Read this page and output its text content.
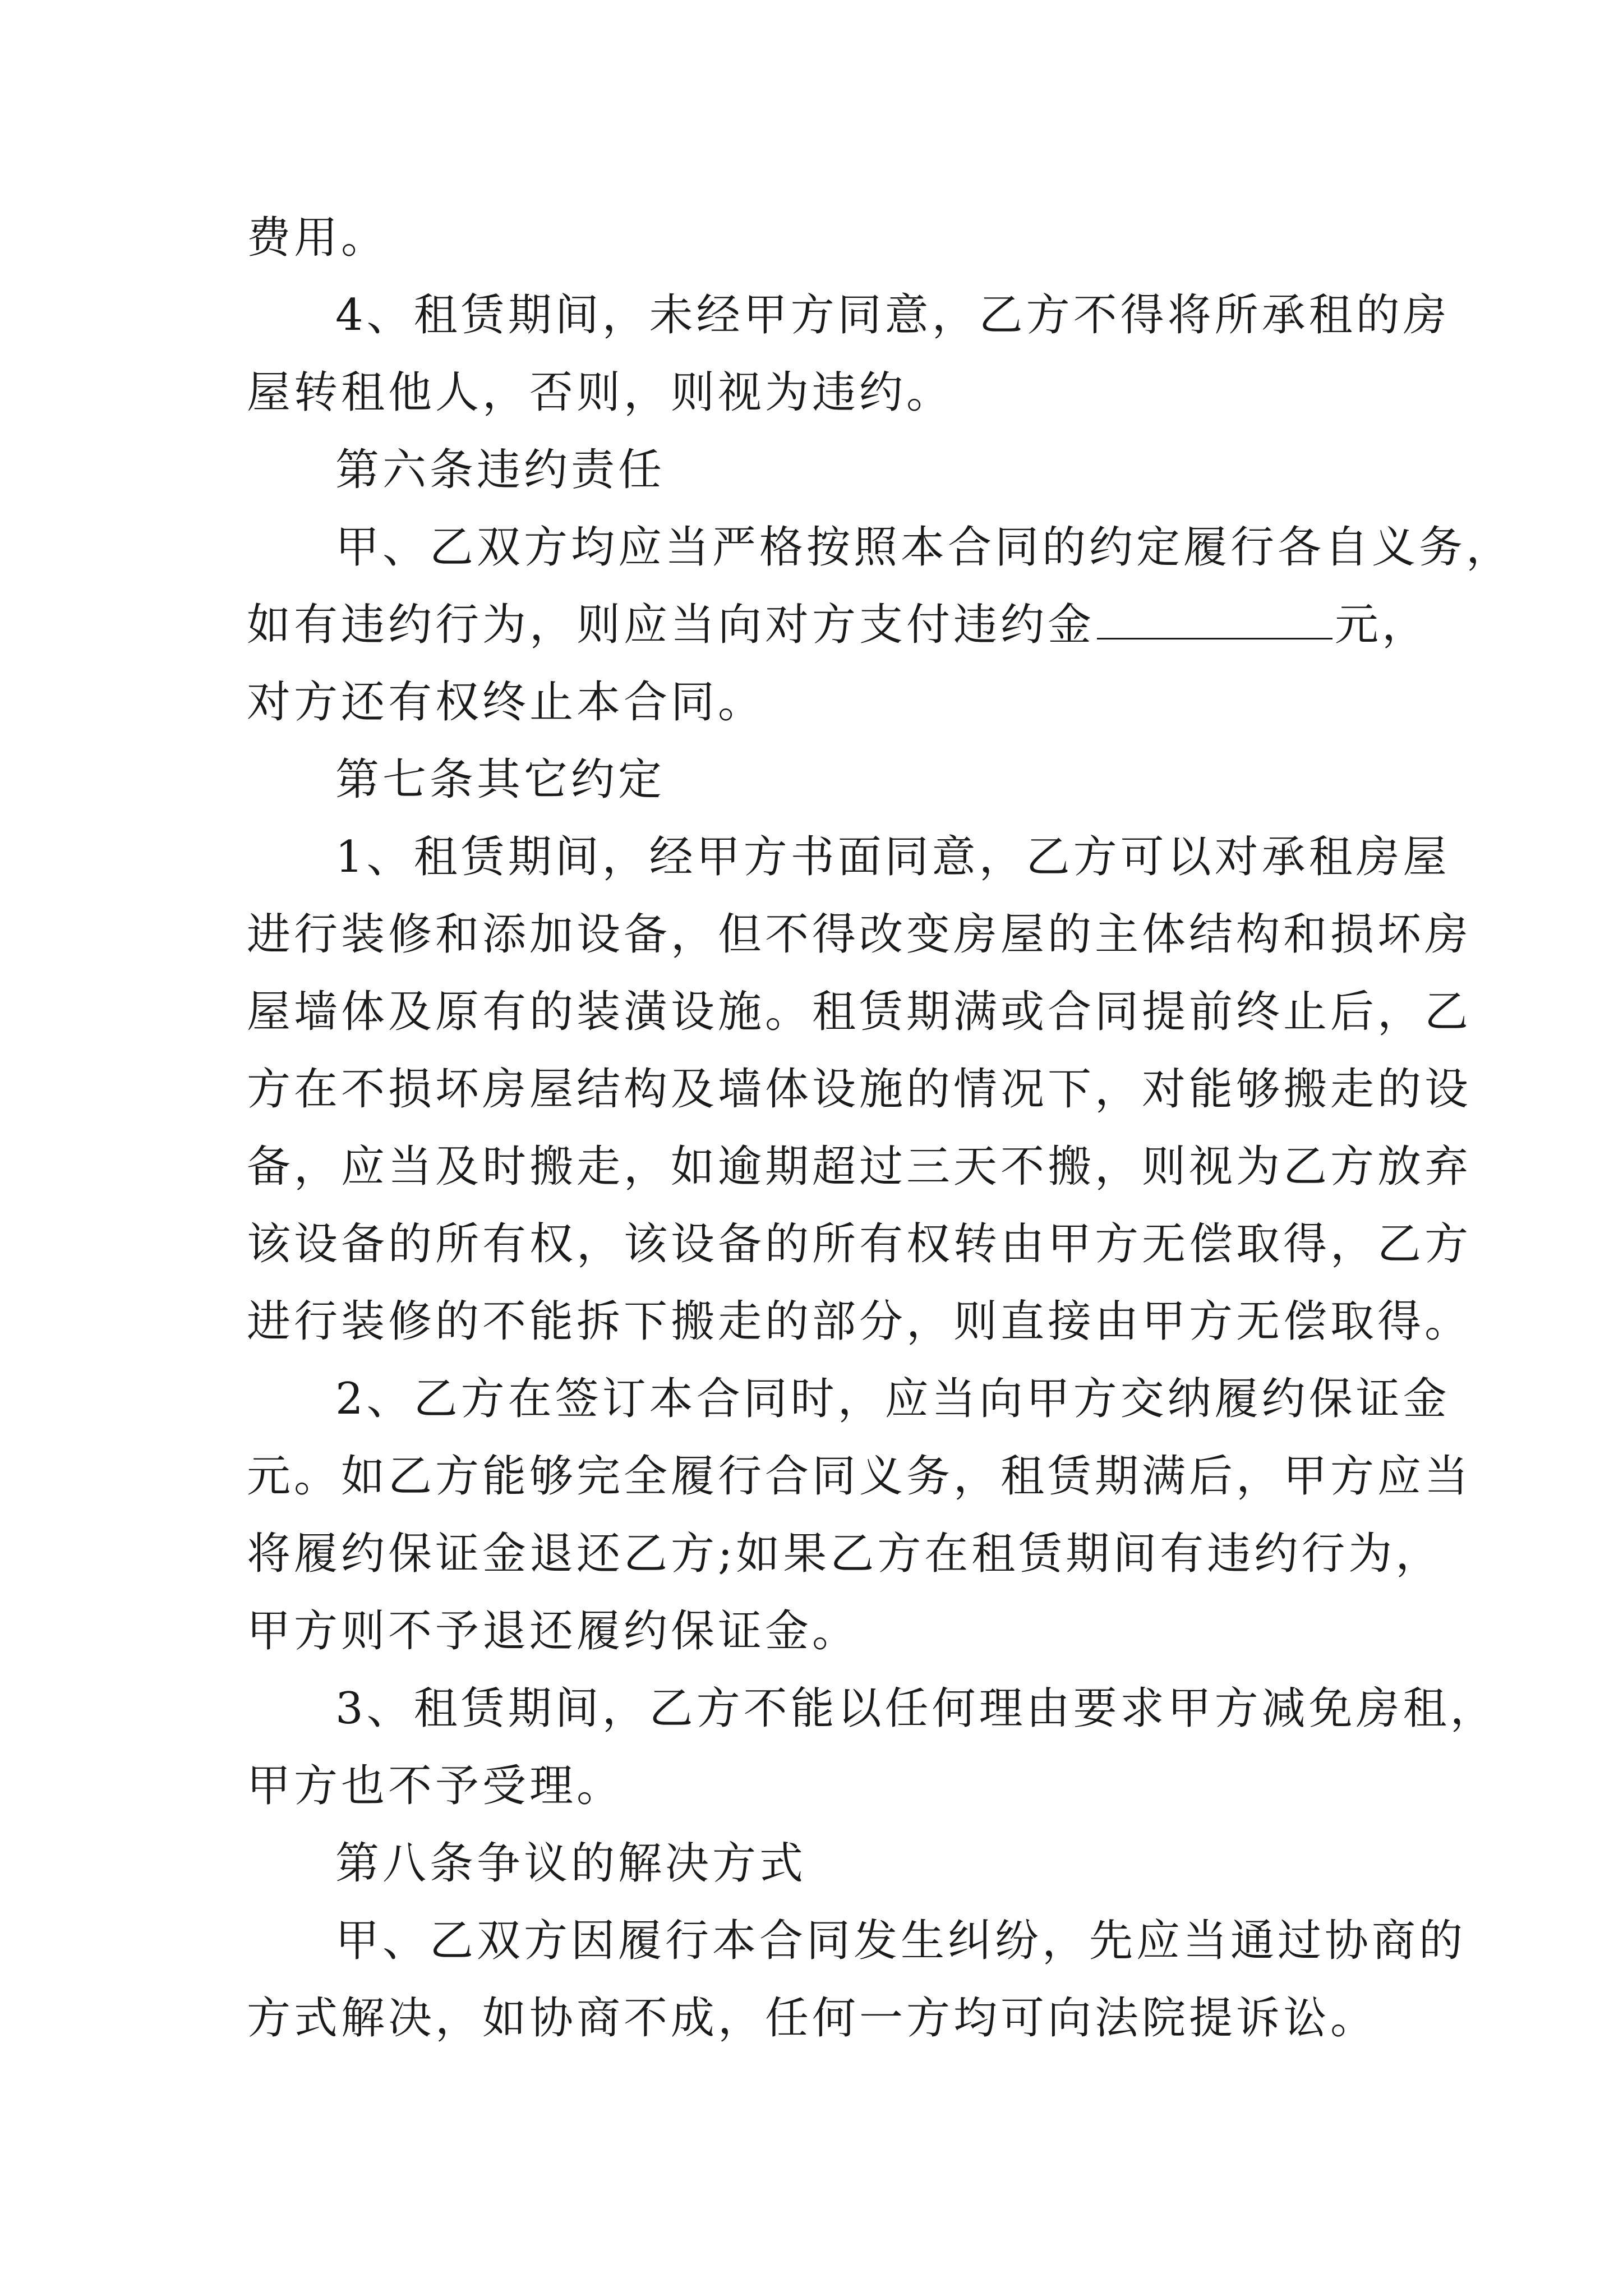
费用。

4、租赁期间，未经甲方同意，乙方不得将所承租的房

屋转租他人，否则，则视为违约。

第六条违约责任

甲、乙双方均应当严格按照本合同的约定履行各自义务，

如有违约行为，则应当向对方支付违约金	元，

对方还有权终止本合同。

第七条其它约定

1、租赁期间，经甲方书面同意，乙方可以对承租房屋

进行装修和添加设备，但不得改变房屋的主体结构和损坏房

屋墙体及原有的装潢设施。租赁期满或合同提前终止后，乙

方在不损坏房屋结构及墙体设施的情况下，对能够搬走的设

备，应当及时搬走，如逾期超过三天不搬，则视为乙方放弃

该设备的所有权，该设备的所有权转由甲方无偿取得，乙方

进行装修的不能拆下搬走的部分，则直接由甲方无偿取得。

2、乙方在签订本合同时，应当向甲方交纳履约保证金

元。如乙方能够完全履行合同义务，租赁期满后，甲方应当

将履约保证金退还乙方;如果乙方在租赁期间有违约行为，

甲方则不予退还履约保证金。

3、租赁期间，乙方不能以任何理由要求甲方减免房租，

甲方也不予受理。

第八条争议的解决方式

甲、乙双方因履行本合同发生纠纷，先应当通过协商的

方式解决，如协商不成，任何一方均可向法院提诉讼。
